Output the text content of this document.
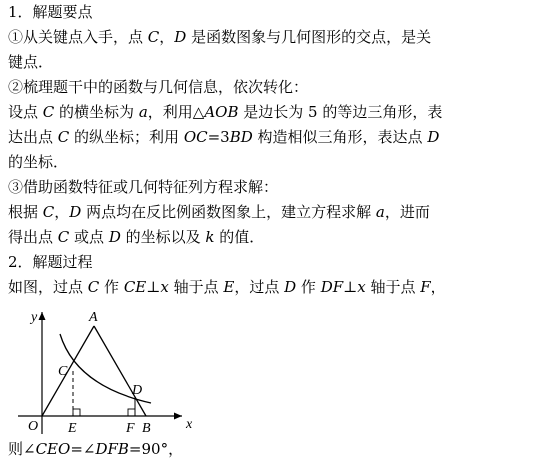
1．解题要点
①从关键点入手，点 C，D 是函数图象与几何图形的交点，是关
键点．
②梳理题干中的函数与几何信息，依次转化：
设点 C 的横坐标为 a，利用△AOB 是边长为 5 的等边三角形，表
达出点 C 的纵坐标；利用 OC=3BD 构造相似三角形，表达点 D
的坐标．
③借助函数特征或几何特征列方程求解：
根据 C，D 两点均在反比例函数图象上，建立方程求解 a，进而
得出点 C 或点 D 的坐标以及 k 的值．
2．解题过程
如图，过点 C 作 CE⊥x 轴于点 E，过点 D 作 DF⊥x 轴于点 F，
y
x
O
A
C
D
E	F B
则∠CEO=∠DFB=90°，
